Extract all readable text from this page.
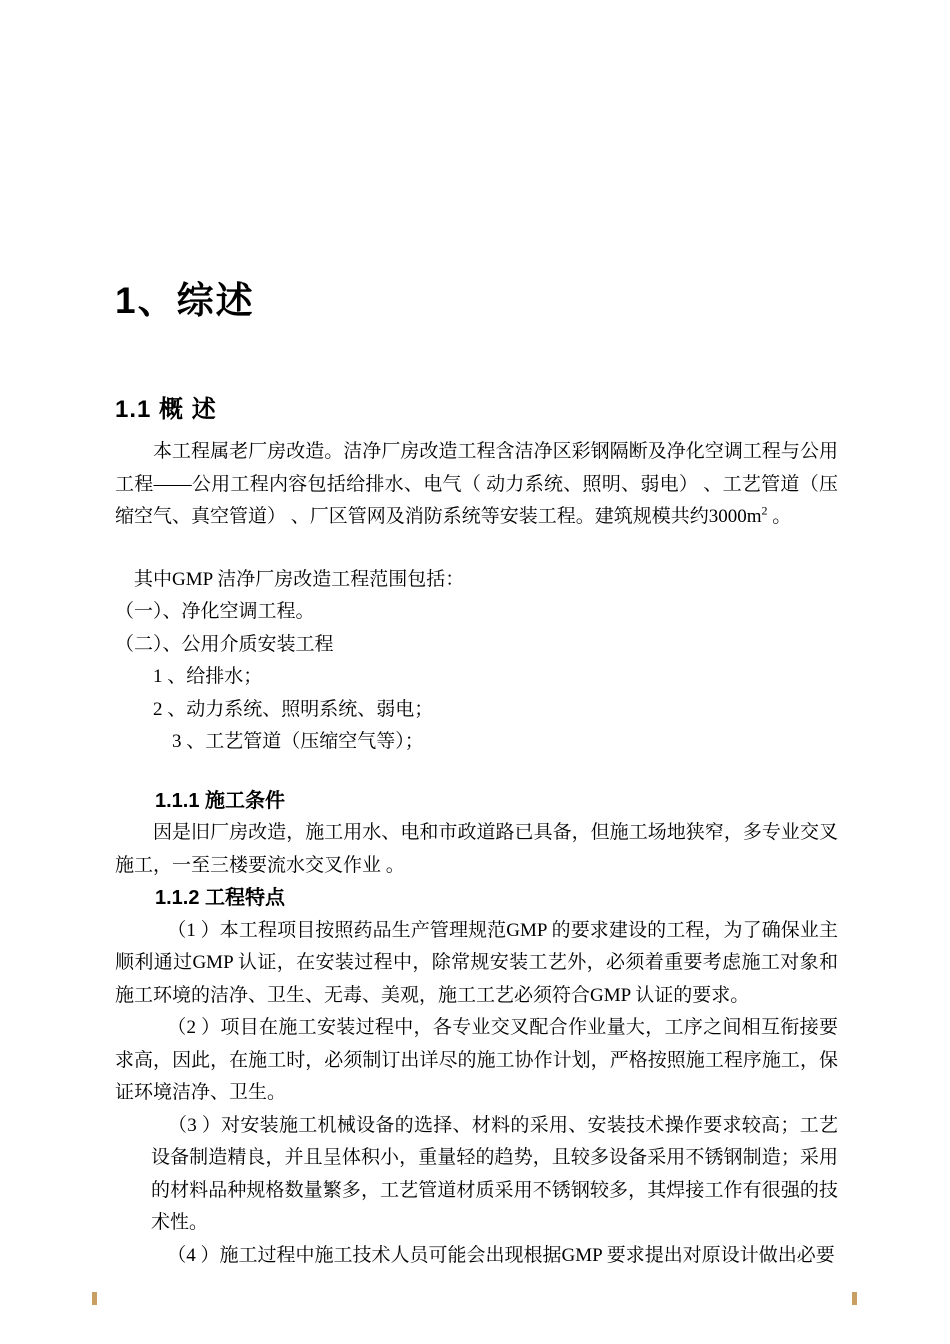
1、综述
1.1 概 述

本工程属老厂房改造。洁净厂房改造工程含洁净区彩钢隔断及净化空调工程与公用工程——公用工程内容包括给排水、电气（ 动力系统、照明、弱电） 、工艺管道（压缩空气、真空管道） 、厂区管网及消防系统等安装工程。建筑规模共约$3000m^2$ 。

其中GMP 洁净厂房改造工程范围包括：

（一）、净化空调工程。

（二）、公用介质安装工程

1 、给排水；

2 、动力系统、照明系统、弱电；

3 、工艺管道（压缩空气等）；

1.1.1 施工条件

因是旧厂房改造，施工用水、电和市政道路已具备，但施工场地狭窄，多专业交叉施工，一至三楼要流水交叉作业 。

1.1.2 工程特点

（1 ）本工程项目按照药品生产管理规范GMP 的要求建设的工程，为了确保业主顺利通过GMP 认证，在安装过程中，除常规安装工艺外，必须着重要考虑施工对象和施工环境的洁净、卫生、无毒、美观，施工工艺必须符合GMP 认证的要求。

（2 ）项目在施工安装过程中，各专业交叉配合作业量大，工序之间相互衔接要求高，因此，在施工时，必须制订出详尽的施工协作计划，严格按照施工程序施工，保证环境洁净、卫生。

（3 ）对安装施工机械设备的选择、材料的采用、安装技术操作要求较高；工艺设备制造精良，并且呈体积小，重量轻的趋势，且较多设备采用不锈钢制造；采用的材料品种规格数量繁多，工艺管道材质采用不锈钢较多，其焊接工作有很强的技术性。

（4 ）施工过程中施工技术人员可能会出现根据GMP 要求提出对原设计做出必要
